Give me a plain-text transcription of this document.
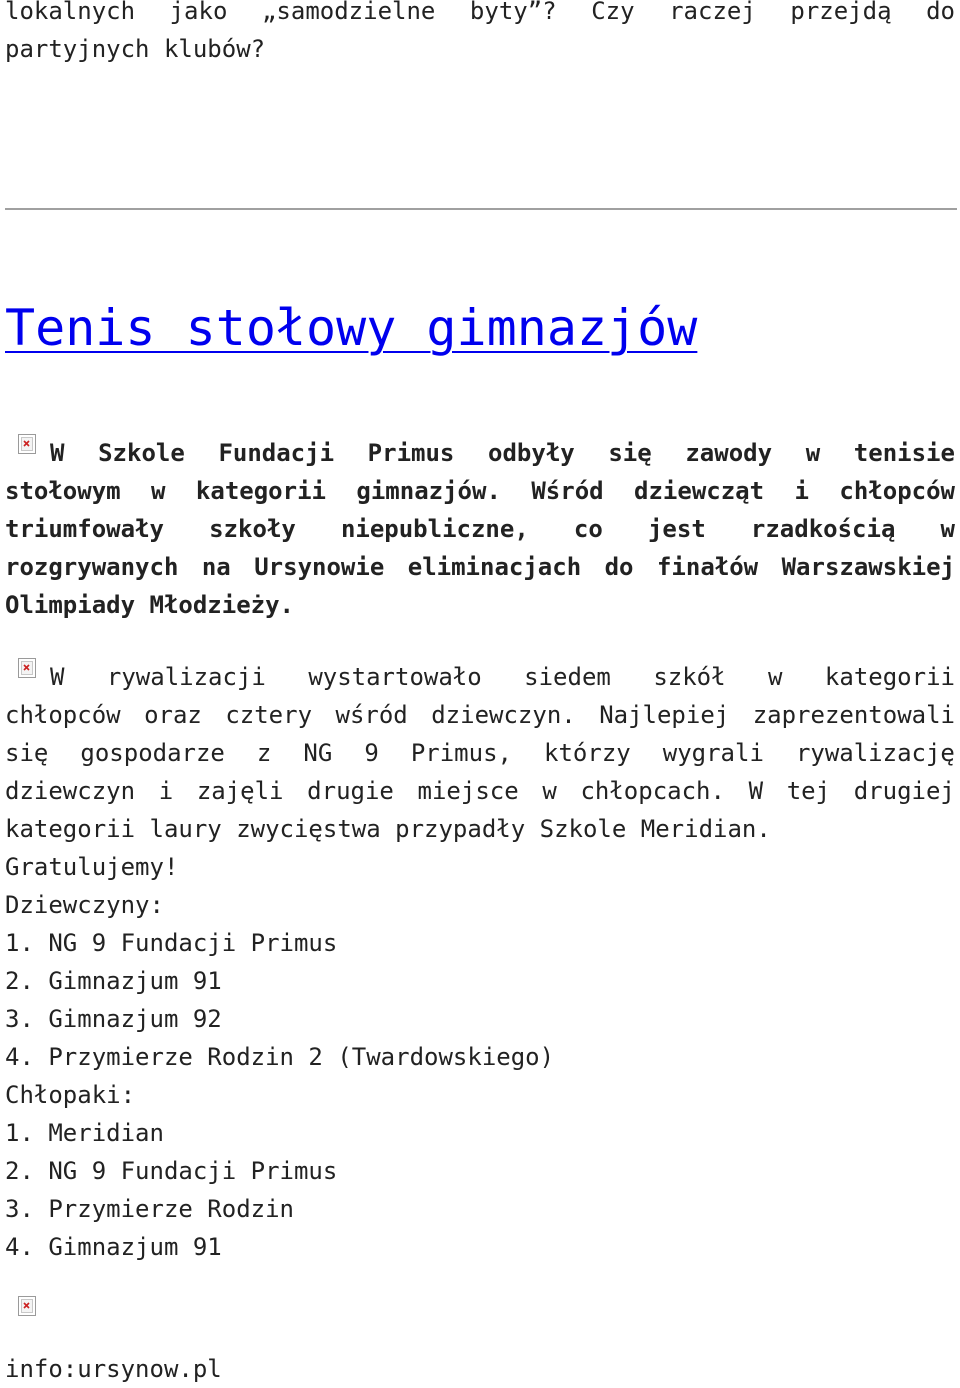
lokalnych jako „samodzielne byty”? Czy raczej przejdą do
partyjnych klubów?
Tenis stołowy gimnazjów
W Szkole Fundacji Primus odbyły się zawody w tenisie
stołowym w kategorii gimnazjów. Wśród dziewcząt i chłopców
triumfowały szkoły niepubliczne, co jest rzadkością w
rozgrywanych na Ursynowie eliminacjach do finałów Warszawskiej
Olimpiady Młodzieży.
W rywalizacji wystartowało siedem szkół w kategorii
chłopców oraz cztery wśród dziewczyn. Najlepiej zaprezentowali
się gospodarze z NG 9 Primus, którzy wygrali rywalizację
dziewczyn i zajęli drugie miejsce w chłopcach. W tej drugiej
kategorii laury zwycięstwa przypadły Szkole Meridian.
Gratulujemy!
Dziewczyny:
1. NG 9 Fundacji Primus
2. Gimnazjum 91
3. Gimnazjum 92
4. Przymierze Rodzin 2 (Twardowskiego)
Chłopaki:
1. Meridian
2. NG 9 Fundacji Primus
3. Przymierze Rodzin
4. Gimnazjum 91
info:ursynow.pl
